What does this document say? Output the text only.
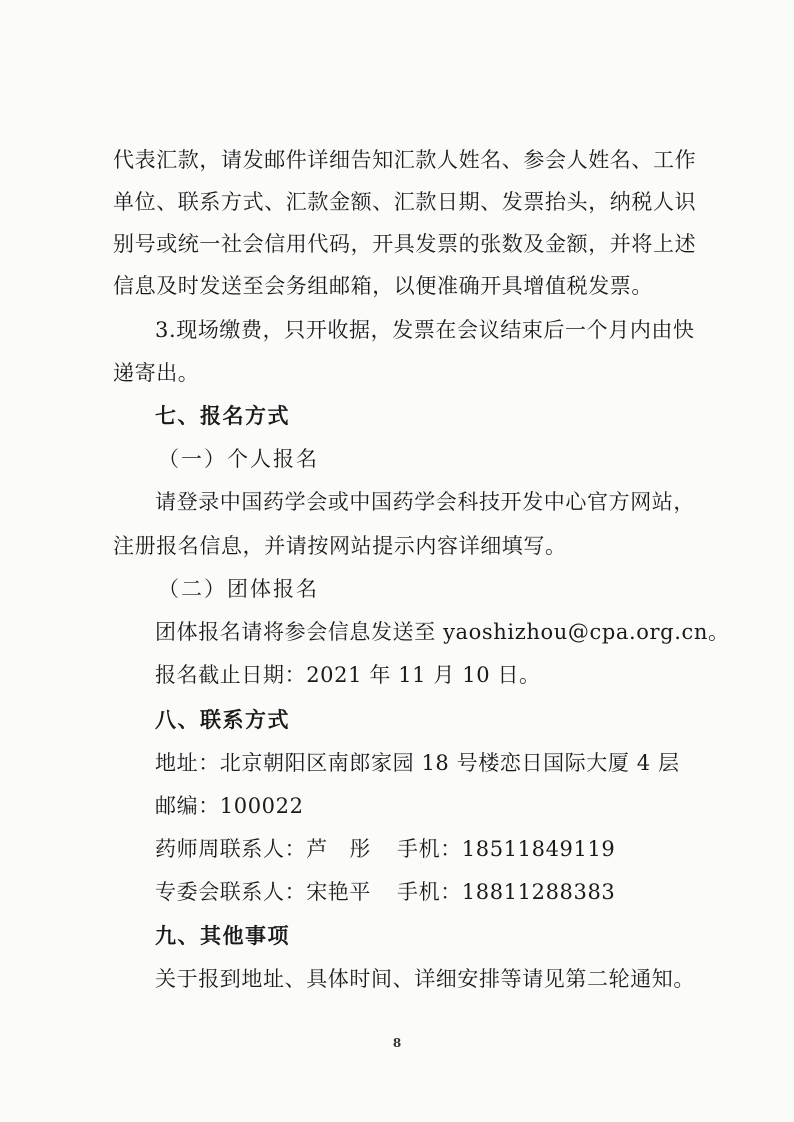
代表汇款，请发邮件详细告知汇款人姓名、参会人姓名、工作
单位、联系方式、汇款金额、汇款日期、发票抬头，纳税人识
别号或统一社会信用代码，开具发票的张数及金额，并将上述
信息及时发送至会务组邮箱，以便准确开具增值税发票。
3.现场缴费，只开收据，发票在会议结束后一个月内由快
递寄出。
七、报名方式
（一）个人报名
请登录中国药学会或中国药学会科技开发中心官方网站，
注册报名信息，并请按网站提示内容详细填写。
（二）团体报名
团体报名请将参会信息发送至 yaoshizhou@cpa.org.cn。
报名截止日期：2021 年 11 月 10 日。
八、联系方式
地址：北京朝阳区南郎家园 18 号楼恋日国际大厦 4 层
邮编：100022
药师周联系人：芦　彤 手机：18511849119
专委会联系人：宋艳平 手机：18811288383
九、其他事项
关于报到地址、具体时间、详细安排等请见第二轮通知。
8
